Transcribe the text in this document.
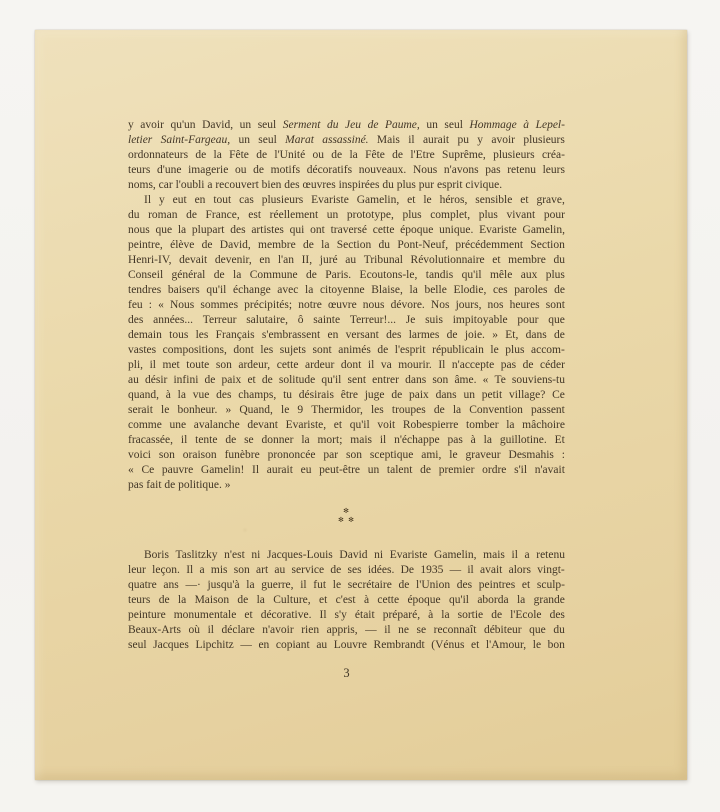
y avoir qu'un David, un seul Serment du Jeu de Paume, un seul Hommage à Lepel-
letier Saint-Fargeau, un seul Marat assassiné. Mais il aurait pu y avoir plusieurs
ordonnateurs de la Fête de l'Unité ou de la Fête de l'Etre Suprême, plusieurs créa-
teurs d'une imagerie ou de motifs décoratifs nouveaux. Nous n'avons pas retenu leurs
noms, car l'oubli a recouvert bien des œuvres inspirées du plus pur esprit civique.
Il y eut en tout cas plusieurs Evariste Gamelin, et le héros, sensible et grave,
du roman de France, est réellement un prototype, plus complet, plus vivant pour
nous que la plupart des artistes qui ont traversé cette époque unique. Evariste Gamelin,
peintre, élève de David, membre de la Section du Pont-Neuf, précédemment Section
Henri-IV, devait devenir, en l'an II, juré au Tribunal Révolutionnaire et membre du
Conseil général de la Commune de Paris. Ecoutons-le, tandis qu'il mêle aux plus
tendres baisers qu'il échange avec la citoyenne Blaise, la belle Elodie, ces paroles de
feu : « Nous sommes précipités; notre œuvre nous dévore. Nos jours, nos heures sont
des années... Terreur salutaire, ô sainte Terreur!... Je suis impitoyable pour que
demain tous les Français s'embrassent en versant des larmes de joie. » Et, dans de
vastes compositions, dont les sujets sont animés de l'esprit républicain le plus accom-
pli, il met toute son ardeur, cette ardeur dont il va mourir. Il n'accepte pas de céder
au désir infini de paix et de solitude qu'il sent entrer dans son âme. « Te souviens-tu
quand, à la vue des champs, tu désirais être juge de paix dans un petit village? Ce
serait le bonheur. » Quand, le 9 Thermidor, les troupes de la Convention passent
comme une avalanche devant Evariste, et qu'il voit Robespierre tomber la mâchoire
fracassée, il tente de se donner la mort; mais il n'échappe pas à la guillotine. Et
voici son oraison funèbre prononcée par son sceptique ami, le graveur Desmahis :
« Ce pauvre Gamelin! Il aurait eu peut-être un talent de premier ordre s'il n'avait
pas fait de politique. »
✻
✻ ✻
Boris Taslitzky n'est ni Jacques-Louis David ni Evariste Gamelin, mais il a retenu
leur leçon. Il a mis son art au service de ses idées. De 1935 — il avait alors vingt-
quatre ans —· jusqu'à la guerre, il fut le secrétaire de l'Union des peintres et sculp-
teurs de la Maison de la Culture, et c'est à cette époque qu'il aborda la grande
peinture monumentale et décorative. Il s'y était préparé, à la sortie de l'Ecole des
Beaux-Arts où il déclare n'avoir rien appris, — il ne se reconnaît débiteur que du
seul Jacques Lipchitz — en copiant au Louvre Rembrandt (Vénus et l'Amour, le bon
3
